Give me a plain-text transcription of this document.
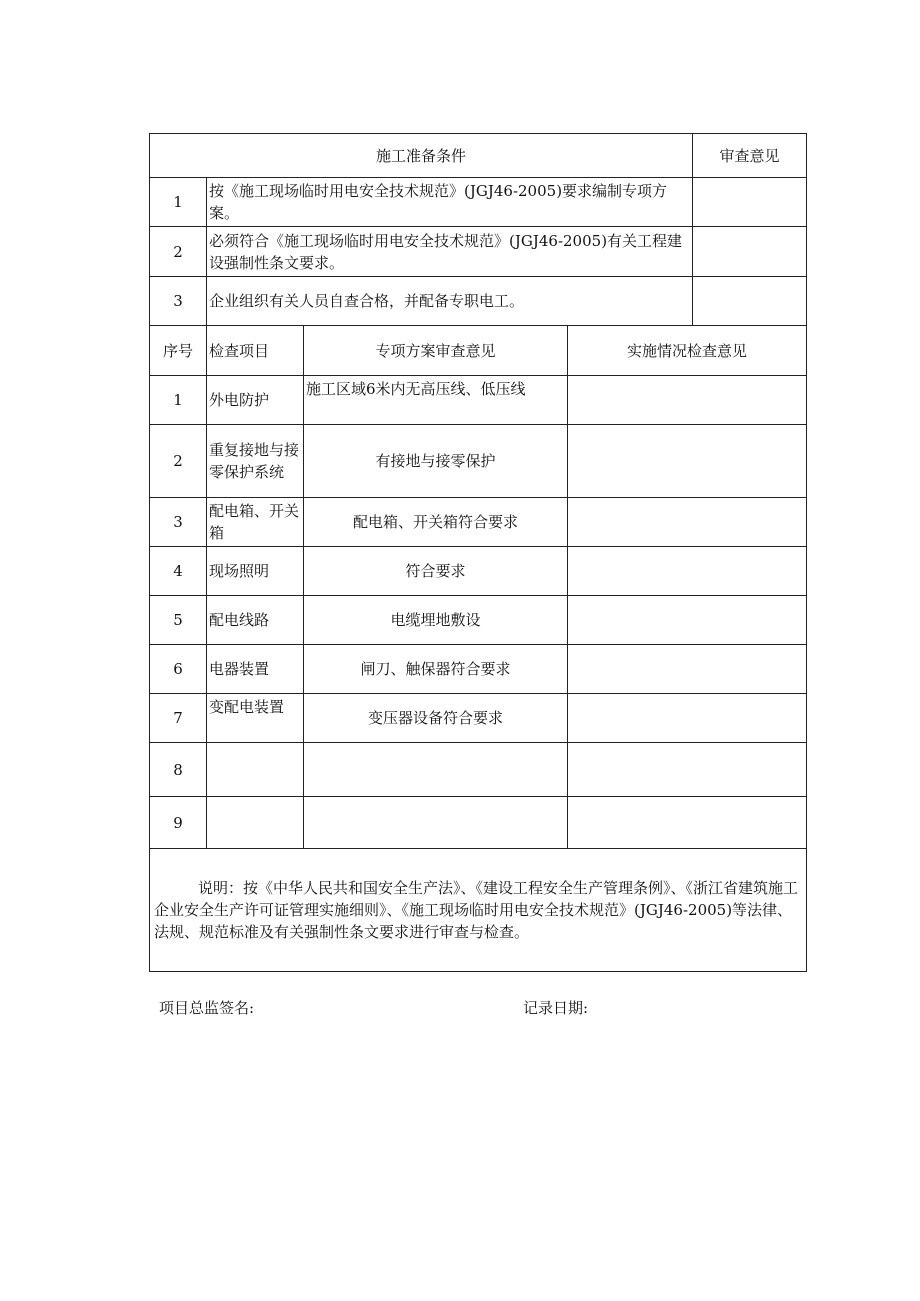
施工准备条件				审查意见
1	按《施工现场临时用电安全技术规范》(JGJ46-2005)要求编制专项方案。			
2	必须符合《施工现场临时用电安全技术规范》(JGJ46-2005)有关工程建设强制性条文要求。			
3	企业组织有关人员自查合格，并配备专职电工。			
序号	检查项目	专项方案审查意见	实施情况检查意见	
1	外电防护	施工区域6米内无高压线、低压线		
2	重复接地与接零保护系统	有接地与接零保护		
3	配电箱、开关箱	配电箱、开关箱符合要求		
4	现场照明	符合要求		
5	配电线路	电缆埋地敷设		
6	电器装置	闸刀、触保器符合要求		
7	变配电装置	变压器设备符合要求		
8				
9				
说明：按《中华人民共和国安全生产法》、《建设工程安全生产管理条例》、《浙江省建筑施工企业安全生产许可证管理实施细则》、《施工现场临时用电安全技术规范》(JGJ46-2005)等法律、法规、规范标准及有关强制性条文要求进行审查与检查。				
项目总监签名:	记录日期:
